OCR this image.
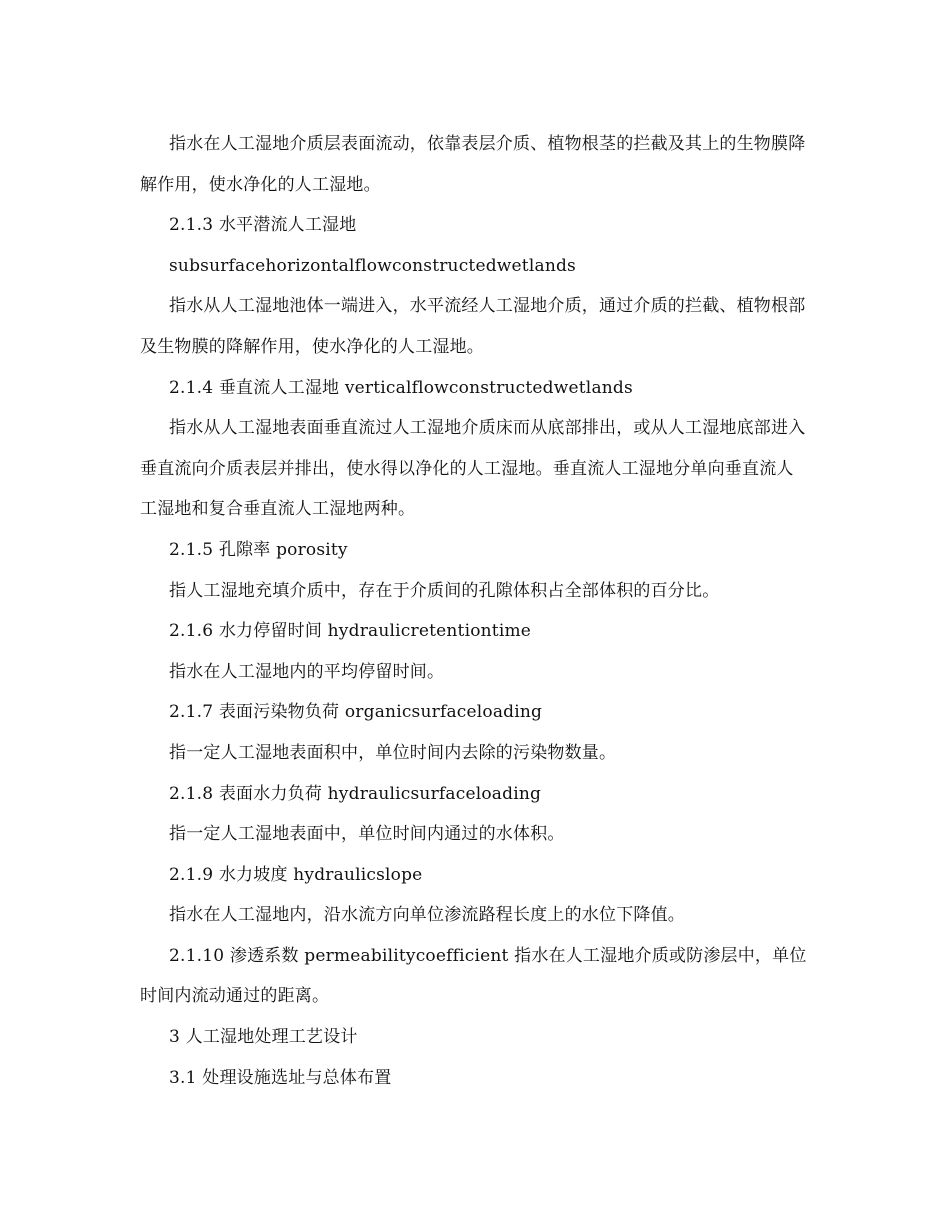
指水在人工湿地介质层表面流动，依靠表层介质、植物根茎的拦截及其上的生物膜降解作用，使水净化的人工湿地。

2.1.3 水平潜流人工湿地

subsurfacehorizontalflowconstructedwetlands

指水从人工湿地池体一端进入，水平流经人工湿地介质，通过介质的拦截、植物根部及生物膜的降解作用，使水净化的人工湿地。

2.1.4 垂直流人工湿地 verticalflowconstructedwetlands

指水从人工湿地表面垂直流过人工湿地介质床而从底部排出，或从人工湿地底部进入垂直流向介质表层并排出，使水得以净化的人工湿地。垂直流人工湿地分单向垂直流人工湿地和复合垂直流人工湿地两种。

2.1.5 孔隙率 porosity

指人工湿地充填介质中，存在于介质间的孔隙体积占全部体积的百分比。

2.1.6 水力停留时间 hydraulicretentiontime

指水在人工湿地内的平均停留时间。

2.1.7 表面污染物负荷 organicsurfaceloading

指一定人工湿地表面积中，单位时间内去除的污染物数量。

2.1.8 表面水力负荷 hydraulicsurfaceloading

指一定人工湿地表面中，单位时间内通过的水体积。

2.1.9 水力坡度 hydraulicslope

指水在人工湿地内，沿水流方向单位渗流路程长度上的水位下降值。

2.1.10 渗透系数 permeabilitycoefficient 指水在人工湿地介质或防渗层中，单位时间内流动通过的距离。

3 人工湿地处理工艺设计

3.1 处理设施选址与总体布置
